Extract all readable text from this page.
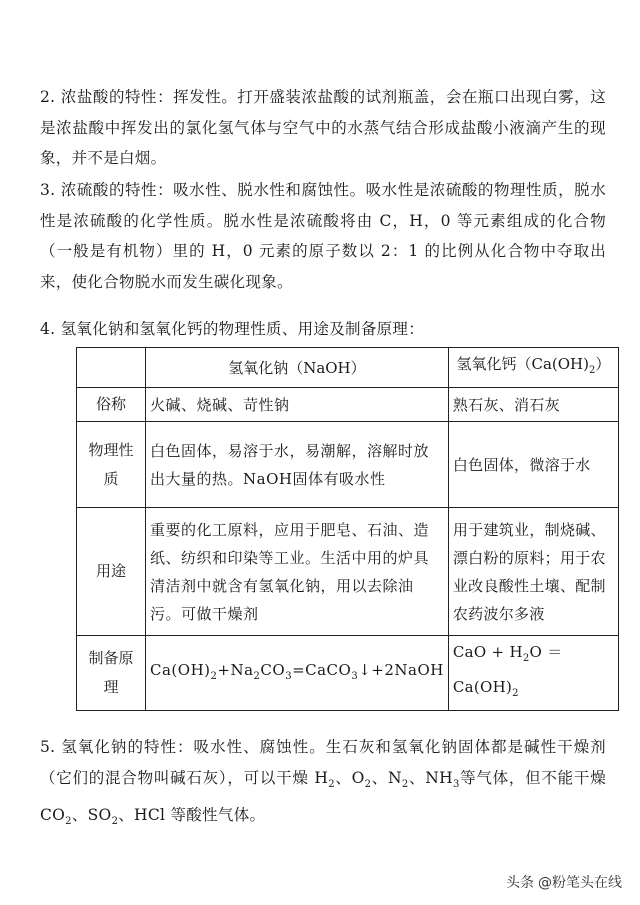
2. 浓盐酸的特性：挥发性。打开盛装浓盐酸的试剂瓶盖，会在瓶口出现白雾，这是浓盐酸中挥发出的氯化氢气体与空气中的水蒸气结合形成盐酸小液滴产生的现象，并不是白烟。

3. 浓硫酸的特性：吸水性、脱水性和腐蚀性。吸水性是浓硫酸的物理性质，脱水性是浓硫酸的化学性质。脱水性是浓硫酸将由 C，H，0 等元素组成的化合物（一般是有机物）里的 H，0 元素的原子数以 2：1 的比例从化合物中夺取出来，使化合物脱水而发生碳化现象。

4. 氢氧化钠和氢氧化钙的物理性质、用途及制备原理：

	氢氧化钠（NaOH）	氢氧化钙$(Ca(OH)_2)$
俗称	火碱、烧碱、苛性钠	熟石灰、消石灰
物理性质	白色固体，易溶于水，易潮解，溶解时放出大量的热。NaOH固体有吸水性	白色固体，微溶于水
用途	重要的化工原料，应用于肥皂、石油、造纸、纺织和印染等工业。生活中用的炉具清洁剂中就含有氢氧化钠，用以去除油污。可做干燥剂	用于建筑业，制烧碱、漂白粉的原料；用于农业改良酸性土壤、配制农药波尔多液
制备原理	$Ca(OH)_2+Na_2CO_3=CaCO_3↓+2NaOH$	CaO + $H_2O =Ca(OH)_2$

5. 氢氧化钠的特性：吸水性、腐蚀性。生石灰和氢氧化钠固体都是碱性干燥剂（它们的混合物叫碱石灰），可以干燥 $H_2$、$O_2$、$N_2$、$NH_3$等气体，但不能干燥 $CO_2$、$SO_2$、HCl 等酸性气体。

头条 @粉笔头在线
